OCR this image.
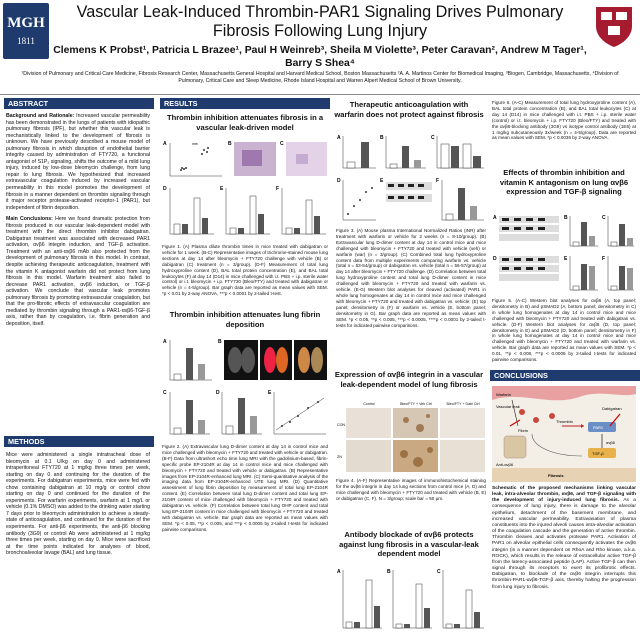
MGH
1811
Vascular Leak-Induced Thrombin-PAR1 Signaling Drives Pulmonary Fibrosis Following Lung Injury
Clemens K Probst¹, Patricia L Brazee¹, Paul H Weinreb³, Sheila M Violette³, Peter Caravan², Andrew M Tager¹, Barry S Shea⁴
¹Division of Pulmonary and Critical Care Medicine, Fibrosis Research Center, Massachusetts General Hospital and Harvard Medical School, Boston Massachusetts ²A. A. Martinos Center for Biomedical Imaging, ³Biogen, Cambridge, Massachusetts, ⁴Division of Pulmonary, Critical Care and Sleep Medicine, Rhode Island Hospital and Warren Alpert Medical School of Brown University.
ABSTRACT

Background and Rationale: Increased vascular permeability has been demonstrated in the lungs of patients with idiopathic pulmonary fibrosis (IPF), but whether this vascular leak is mechanistically linked to the development of fibrosis is unknown. We have previously described a mouse model of pulmonary fibrosis in which disruption of endothelial barrier integrity caused by administration of FTY720, a functional antagonist of S1P₁ signaling, shifts the outcome of a mild lung injury, induced by low-dose bleomycin challenge, from lung repair to lung fibrosis. We hypothesized that increased extravascular coagulation induced by increased vascular permeability in this model promotes the development of fibrosis in a manner dependent on thrombin signaling through it major receptor protease-activated receptor-1 (PAR1), but independent of fibrin deposition.

Main Conclusions: Here we found dramatic protection from fibrosis produced in our vascular leak-dependent model with treatment with the direct thrombin inhibitor dabigatran. Dabigatran treatment was associated with decreased PAR1 activation, αvβ6 integrin induction, and TGF-β activation. Treatment with an anti-αvβ6 mAb also protected from the development of pulmonary fibrosis in this model. In contrast, despite achieving therapeutic anticoagulation, treatment with the vitamin K antagonist warfarin did not protect from lung fibrosis in this model. Warfarin treatment also failed to decrease PAR1 activation, αvβ6 induction, or TGF-β activation. We conclude that vascular leak promotes pulmonary fibrosis by promoting extravascular coagulation, but that the pro-fibrotic effects of extravascular coagulation are mediated by thrombin signaling through a PAR1-αvβ6-TGF-β axis, rather than by coagulation, i.e. fibrin generation and deposition, itself.

METHODS
Mice were administered a single intratracheal dose of bleomycin at 0.1 U/kg on day 0 and administered intraperitoneal FTY720 at 1 mg/kg three times per week, starting on day 0 and continuing for the duration of the experiments. For dabigatran experiments, mice were fed with chow containing dabigatran at 10 mg/g or control chow starting on day 0 and continued for the duration of the experiments. For warfarin experiments, warfarin at 1 mg/L or vehicle (0.1% DMSO) was added to the drinking water starting 7 days prior to bleomycin administration to achieve a steady-state of anticoagulation, and continued for the duration of the experiments. For anti-β6 experiments, the anti-β6 blocking antibody (3G9) or control Ab were administered at 1 mg/kg three times per week, starting on day 0. Mice were sacrificed at the time points indicated for analyses of blood, bronchoalveolar lavage (BAL) and lung tissue.
RESULTS
Thrombin inhibition attenuates fibrosis in a vascular leak-driven model
A	***	B	C
D	E	F
Figure 1. (A) Plasma dilute thrombin times in mice treated with dabigatran or vehicle for 1 week. (B-C) Representative images of trichrome-stained mouse lung sections at day 14 after bleomycin + FTY720 challenge with vehicle (B) or dabigatran (C) treatment (n = 3/group). (D-F) Measurement of total lung hydroxyproline content (D), BAL total protein concentration (E), and BAL total leukocytes (F) at day 14 (D14) in mice challenged with i.t. PBS + i.p. sterile water control) or i.t. bleomycin + i.p. FTY720 (Bleo/FTY) and treated with dabigatran or vehicle (n = 4-5/group). Bar graph data are reported as mean values with SEM. *p < 0.01 by 2-way ANOVA, ***p < 0.0001 by 2-tailed t-test.
Thrombin inhibition attenuates lung fibrin deposition
A	B
C	D	E
Figure 2. (A) Extravascular lung D-dimer content at day 14 in control mice and mice challenged with bleomycin + FTY720 and treated with vehicle or dabigatran. (B-F) Data from ultrashort echo time lung MRI with the gadolinium-based, fibrin-specific probe EP-2104R at day 14 in control mice and mice challenged with bleomycin + FTY720 and treated with vehicle or dabigatran. (B) Representative images from EP-2104R-enhanced lung MRI. (C) Semi-quantitative analysis of the imaging data from EP-2104R-enhanced UTE lung MRI. (D) Quantitative assessment of lung fibrin deposition by measurement of total lung EP-2104R content. (E) Correlation between total lung D-dimer content and total lung EP-2104R content of mice challenged with bleomycin + FTY720 and treated with dabigatran vs. vehicle. (F) Correlation between total lung OHP content and total lung EP-2104R content in mice challenged with bleomycin + FTY720 and treated with dabigatran vs. vehicle. Bar graph data are reported as mean values with SEM. *p < 0.05, **p < 0.005, and ***p < 0.0005 by 2-tailed t-tests for indicated pairwise comparisons.
Therapeutic anticoagulation with warfarin does not protect against fibrosis
A	B	C
D	E	F
Figure 3. (A) Mouse plasma International Normalized Ratios (INR) after treatment with warfarin or vehicle for 2 weeks (n = 8-10/group). (B) Extravascular lung D-dimer content at day 14 in control mice and mice challenged with bleomycin + FTY720 and treated with vehicle (veh) or warfarin (war) (n = 3/group). (C) Combined total lung hydroxyproline content data from multiple experiments comparing warfarin vs. vehicle (total n = 53-54/group) or dabigatran vs. vehicle (total n = 56-57/group) at day 14 after bleomycin + FTY720 challenge. (D) Correlation between total lung hydroxyproline content and total lung D-dimer content in mice challenged with bleomycin + FTY720 and treated with warfarin vs. vehicle. (E-G) Western blot analyses for cleaved (activated) PAR1 in whole lung homogenates at day 14 in control mice and mice challenged with bleomycin + FTY720 and treated with dabigatran vs. vehicle: (E) top panel; densitometry in (F) or warfarin vs. vehicle (E, bottom panel; densitometry in G). Bar graph data are reported as mean values with SEM. *p < 0.05, **p < 0.005, ***p < 0.0005, ****p < 0.0001 by 2-tailed t-tests for indicated pairwise comparisons.
Expression of αvβ6 integrin in a vascular leak-dependent model of lung fibrosis
Control	Bleo/FTY + Veh Ctrl	Bleo/FTY + Dabi Ctrl
CON
ZN
Figure 4. (A-F) Representative images of immunohistochemical staining for the αvβ6 integrin in day 14 lung sections from control mice (A, D) and mice challenged with bleomycin + FTY720 and treated with vehicle (B, E) or dabigatran (C, F). N = 3/group; scale bar = 50 μm.
Antibody blockade of αvβ6 protects against lung fibrosis in a vascular-leak dependent model
A	B	C
Figure 6. (A-C) Measurement of total lung hydroxyproline content (A), BAL total protein concentration (B), and BAL total leukocytes (C) at day 14 (D14) in mice challenged with i.t. PBS + i.p. sterile water (control) or i.t. bleomycin + i.p. FTY720 (Bleo/FTY) and treated with the αvβ6-blocking antibody (3G9) vs isotype control antibody (1E6) at 1 mg/kg subcutaneously 3x/week (n = 4-5/group). Data are reported as mean values with SEM. *p < 0.0036 by 2-way ANOVA.
Effects of thrombin inhibition and vitamin K antagonism on lung αvβ6 expression and TGF-β signaling
A	B	C
D	E	F
Figure 5. (A-C) Western blot analyses for αvβ6 (A, top panel; densitometry in B) and pSMAD2 (A, bottom panel; densitometry in C) in whole lung homogenates at day 14 in control mice and mice challenged with bleomycin + FTY720 and treated with dabigatran vs. vehicle. (D-F) Western blot analyses for αvβ6 (D, top panel; densitometry in E) and pSMAD2 (D, bottom panel; densitometry in F) in whole lung homogenates at day 14 in control mice and mice challenged with bleomycin + FTY720 and treated with warfarin vs. vehicle. Bar graph data are reported as mean values with SEM. *p < 0.01, **p < 0.008, ***p < 0.0005 by 2-tailed t-tests for indicated pairwise comparisons.
CONCLUSIONS
Vascular leak
Fibrin
Thrombin
PAR1
αvβ6
TGF-β
Fibrosis
Warfarin
Dabigatran
Anti-αvβ6
Schematic of the proposed mechanisms linking vascular leak, intra-alveolar thrombin, αvβ6, and TGF-β signaling with the development of injury-induced lung fibrosis. As a consequence of lung injury, there is damage to the alveolar epithelium, detachment of the basement membrane, and increased vascular permeability. Extravasation of plasma constituents into the injured alveoli causes intra-alveolar activation of the coagulation cascade and the generation of active thrombin. Thrombin cleaves and activates protease PAR1. Activation of PAR1 on alveolar epithelial cells consequently activates the αvβ6 integrin (in a manner dependent on RhoA and Rho kinase, a.k.a. ROCK), which results in the release of extracellular active TGF-β from the latency-associated peptide (LAP). Active TGF-β can then signal through its receptors to exert its profibrotic effects. Dabigatran, to blockade of the αvβ6 integrin interrupts this thrombin-PAR1-αvβ6-TGF-β axis, thereby halting the progression from lung injury to fibrosis.
